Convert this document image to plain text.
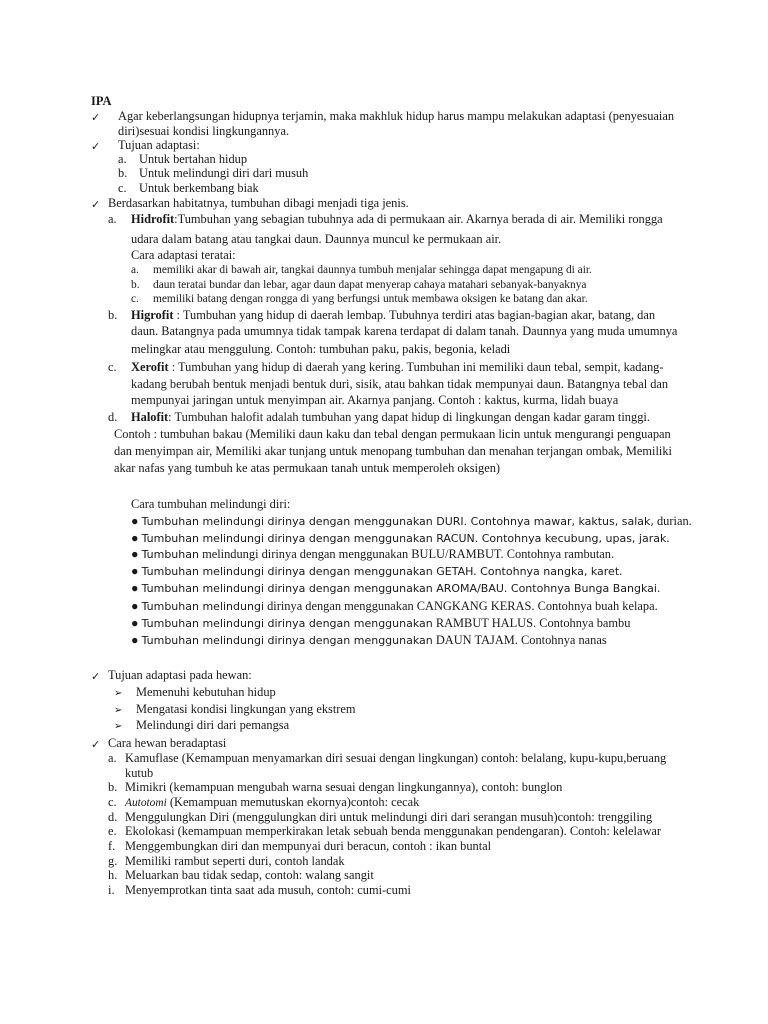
IPA
✓ Agar keberlangsungan hidupnya terjamin, maka makhluk hidup harus mampu melakukan adaptasi (penyesuaian
diri)sesuai kondisi lingkungannya.
✓ Tujuan adaptasi:
a. Untuk bertahan hidup
b. Untuk melindungi diri dari musuh
c. Untuk berkembang biak
✓ Berdasarkan habitatnya, tumbuhan dibagi menjadi tiga jenis.
a. Hidrofit:Tumbuhan yang sebagian tubuhnya ada di permukaan air. Akarnya berada di air. Memiliki rongga
udara dalam batang atau tangkai daun. Daunnya muncul ke permukaan air.
Cara adaptasi teratai:
a. memiliki akar di bawah air, tangkai daunnya tumbuh menjalar sehingga dapat mengapung di air.
b. daun teratai bundar dan lebar, agar daun dapat menyerap cahaya matahari sebanyak-banyaknya
c. memiliki batang dengan rongga di yang berfungsi untuk membawa oksigen ke batang dan akar.
b. Higrofit : Tumbuhan yang hidup di daerah lembap. Tubuhnya terdiri atas bagian-bagian akar, batang, dan
daun. Batangnya pada umumnya tidak tampak karena terdapat di dalam tanah. Daunnya yang muda umumnya
melingkar atau menggulung. Contoh: tumbuhan paku, pakis, begonia, keladi
c. Xerofit : Tumbuhan yang hidup di daerah yang kering. Tumbuhan ini memiliki daun tebal, sempit, kadang-
kadang berubah bentuk menjadi bentuk duri, sisik, atau bahkan tidak mempunyai daun. Batangnya tebal dan
mempunyai jaringan untuk menyimpan air. Akarnya panjang. Contoh : kaktus, kurma, lidah buaya
d. Halofit: Tumbuhan halofit adalah tumbuhan yang dapat hidup di lingkungan dengan kadar garam tinggi.
Contoh : tumbuhan bakau (Memiliki daun kaku dan tebal dengan permukaan licin untuk mengurangi penguapan
dan menyimpan air, Memiliki akar tunjang untuk menopang tumbuhan dan menahan terjangan ombak, Memiliki
akar nafas yang tumbuh ke atas permukaan tanah untuk memperoleh oksigen)
Cara tumbuhan melindungi diri:
● Tumbuhan melindungi dirinya dengan menggunakan DURI. Contohnya mawar, kaktus, salak, durian.
● Tumbuhan melindungi dirinya dengan menggunakan RACUN. Contohnya kecubung, upas, jarak.
● Tumbuhan melindungi dirinya dengan menggunakan BULU/RAMBUT. Contohnya rambutan.
● Tumbuhan melindungi dirinya dengan menggunakan GETAH. Contohnya nangka, karet.
● Tumbuhan melindungi dirinya dengan menggunakan AROMA/BAU. Contohnya Bunga Bangkai.
● Tumbuhan melindungi dirinya dengan menggunakan CANGKANG KERAS. Contohnya buah kelapa.
● Tumbuhan melindungi dirinya dengan menggunakan RAMBUT HALUS. Contohnya bambu
● Tumbuhan melindungi dirinya dengan menggunakan DAUN TAJAM. Contohnya nanas
✓ Tujuan adaptasi pada hewan:
➢ Memenuhi kebutuhan hidup
➢ Mengatasi kondisi lingkungan yang ekstrem
➢ Melindungi diri dari pemangsa
✓ Cara hewan beradaptasi
a. Kamuflase (Kemampuan menyamarkan diri sesuai dengan lingkungan) contoh: belalang, kupu-kupu,beruang
kutub
b. Mimikri (kemampuan mengubah warna sesuai dengan lingkungannya), contoh: bunglon
c. Autotomi (Kemampuan memutuskan ekornya)contoh: cecak
d. Menggulungkan Diri (menggulungkan diri untuk melindungi diri dari serangan musuh)contoh: trenggiling
e. Ekolokasi (kemampuan memperkirakan letak sebuah benda menggunakan pendengaran). Contoh: kelelawar
f. Menggembungkan diri dan mempunyai duri beracun, contoh : ikan buntal
g. Memiliki rambut seperti duri, contoh landak
h. Meluarkan bau tidak sedap, contoh: walang sangit
i. Menyemprotkan tinta saat ada musuh, contoh: cumi-cumi
